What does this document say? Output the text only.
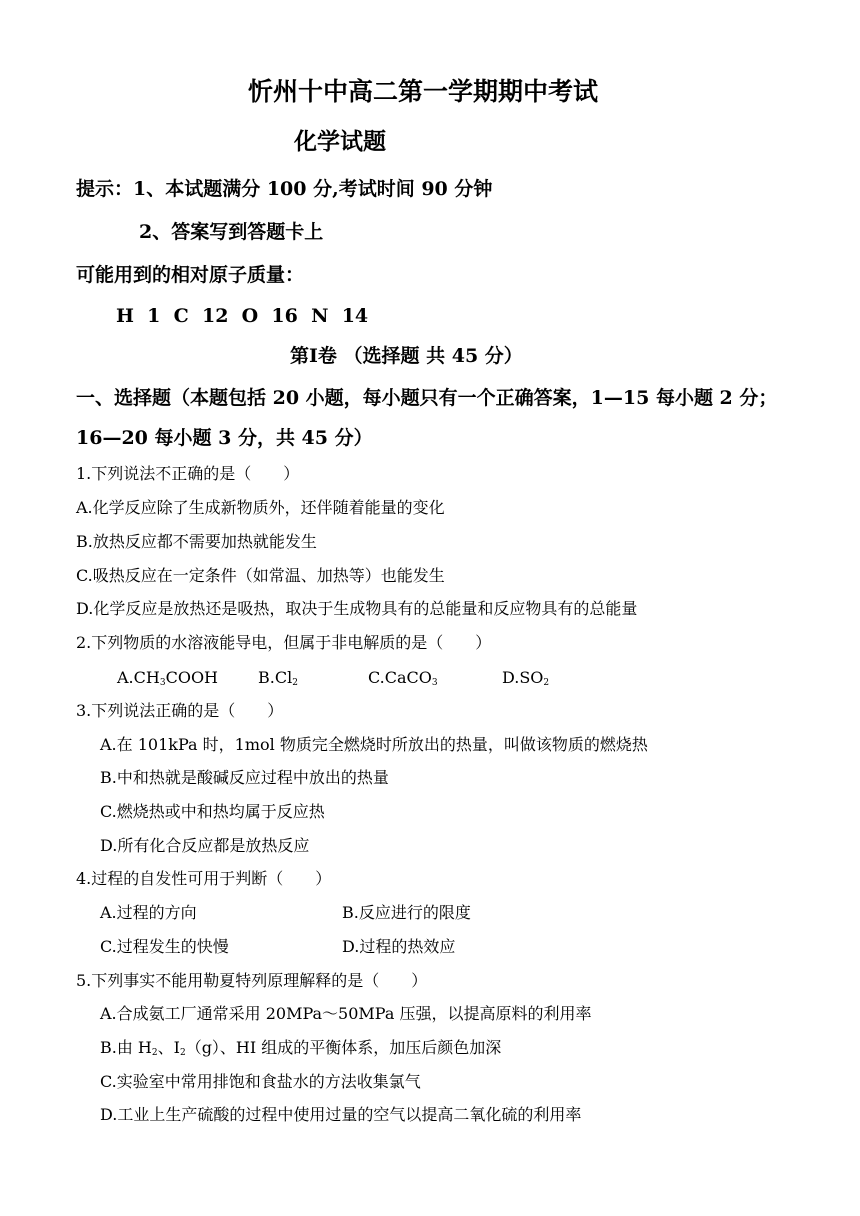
忻州十中高二第一学期期中考试
化学试题
提示：1、本试题满分 100 分,考试时间 90 分钟
2、答案写到答题卡上
可能用到的相对原子质量：
H  1  C  12  O  16  N  14
第Ⅰ卷 （选择题 共 45 分）
一、选择题（本题包括 20 小题，每小题只有一个正确答案，1—15 每小题 2 分；
16—20 每小题 3 分，共 45 分）
1.下列说法不正确的是（　　）
A.化学反应除了生成新物质外，还伴随着能量的变化
B.放热反应都不需要加热就能发生
C.吸热反应在一定条件（如常温、加热等）也能发生
D.化学反应是放热还是吸热，取决于生成物具有的总能量和反应物具有的总能量
2.下列物质的水溶液能导电，但属于非电解质的是（　　）
$A.CH_3COOH$ $B.Cl_2$	C.CaCO$_3$	$D.SO_2$
3.下列说法正确的是（　　）
A.在 101kPa 时，1mol 物质完全燃烧时所放出的热量，叫做该物质的燃烧热
B.中和热就是酸碱反应过程中放出的热量
C.燃烧热或中和热均属于反应热
D.所有化合反应都是放热反应
4.过程的自发性可用于判断（　　）
A.过程的方向	B.反应进行的限度
C.过程发生的快慢	D.过程的热效应
5.下列事实不能用勒夏特列原理解释的是（　　）
A.合成氨工厂通常采用 20MPa～50MPa 压强，以提高原料的利用率
B.由 $H_2$、$I_2(g)$、HI 组成的平衡体系，加压后颜色加深
C.实验室中常用排饱和食盐水的方法收集氯气
D.工业上生产硫酸的过程中使用过量的空气以提高二氧化硫的利用率
